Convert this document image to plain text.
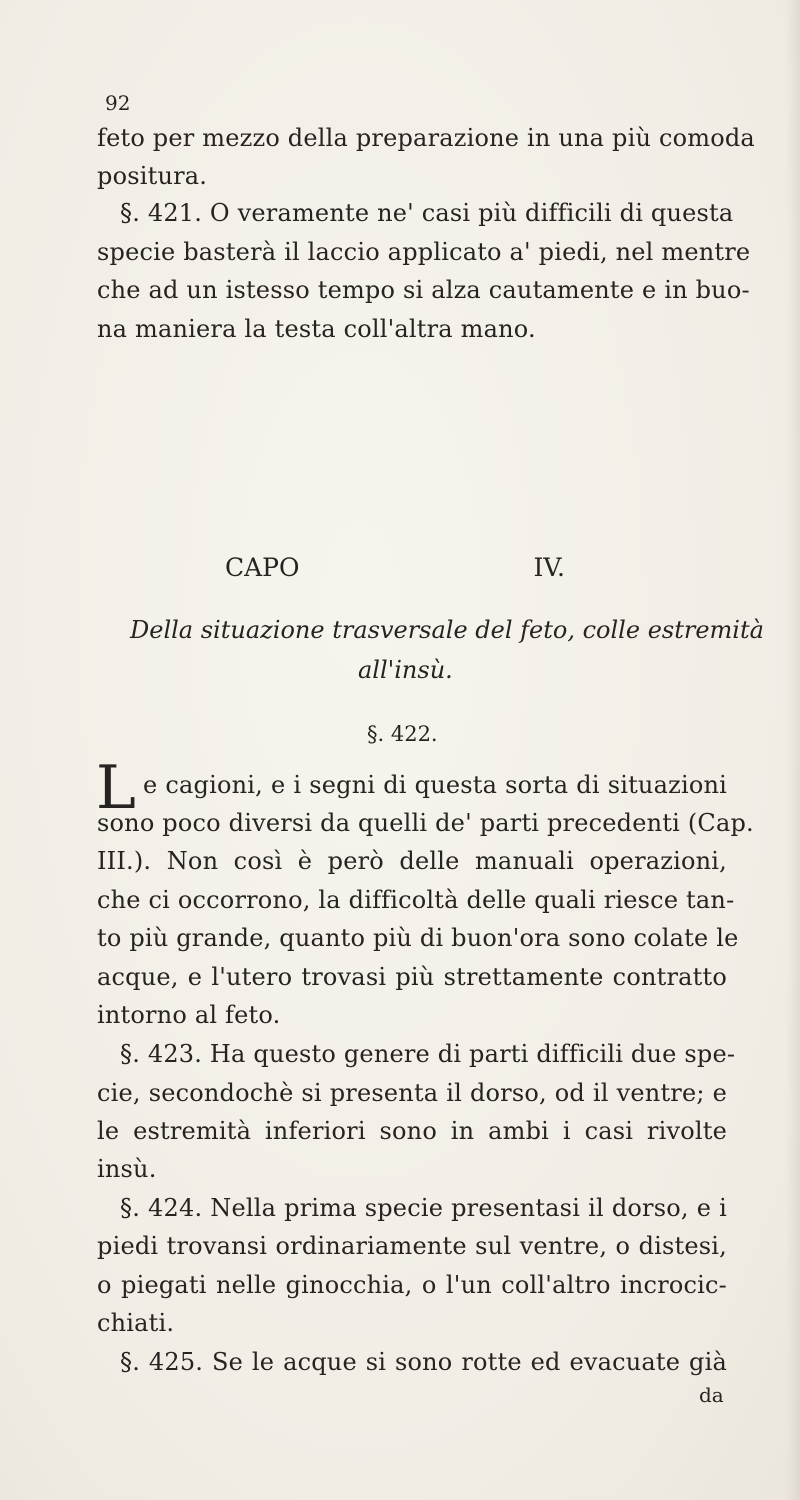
92
feto per mezzo della preparazione in una più comoda
positura.
§. 421. O veramente ne' casi più difficili di questa
specie basterà il laccio applicato a' piedi, nel mentre
che ad un istesso tempo si alza cautamente e in buo-
na maniera la testa coll'altra mano.
CAPO IV.
Della situazione trasversale del feto, colle estremità
all'insù.
§. 422.
L e cagioni, e i segni di questa sorta di situazioni
sono poco diversi da quelli de' parti precedenti (Cap.
III.). Non così è però delle manuali operazioni,
che ci occorrono, la difficoltà delle quali riesce tan-
to più grande, quanto più di buon'ora sono colate le
acque, e l'utero trovasi più strettamente contratto
intorno al feto.
§. 423. Ha questo genere di parti difficili due spe-
cie, secondochè si presenta il dorso, od il ventre; e
le estremità inferiori sono in ambi i casi rivolte
insù.
§. 424. Nella prima specie presentasi il dorso, e i
piedi trovansi ordinariamente sul ventre, o distesi,
o piegati nelle ginocchia, o l'un coll'altro incrocic-
chiati.
§. 425. Se le acque si sono rotte ed evacuate già
da
